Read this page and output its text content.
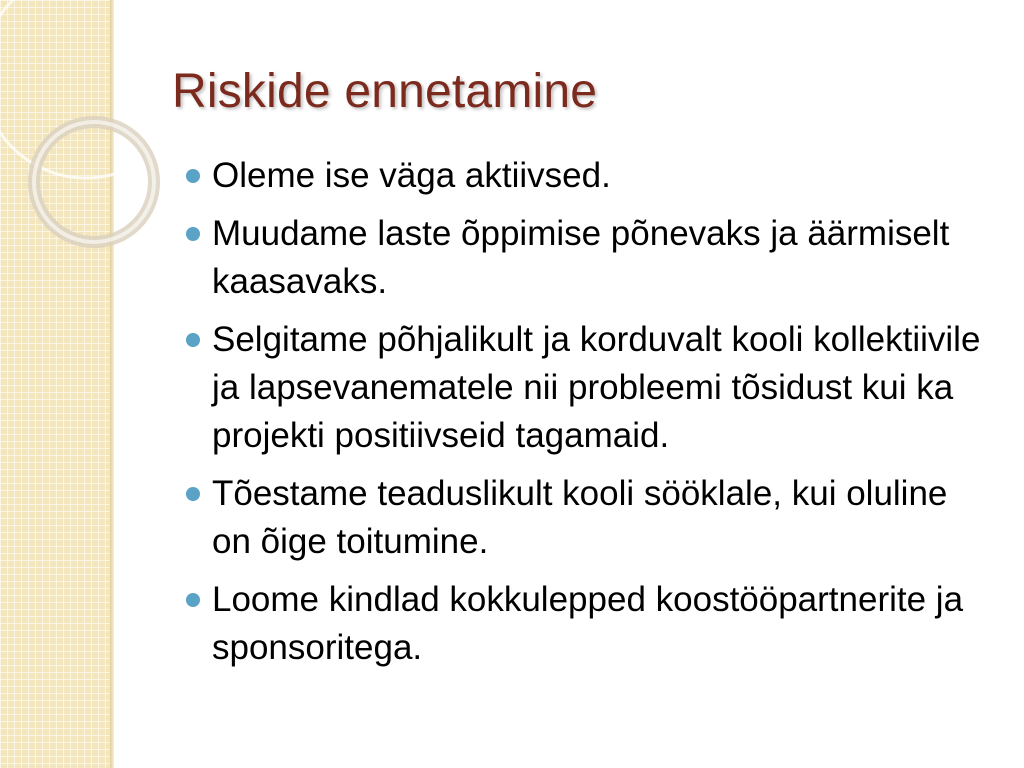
Riskide ennetamine
Oleme ise väga aktiivsed.
Muudame laste õppimise põnevaks ja äärmiselt kaasavaks.
Selgitame põhjalikult ja korduvalt kooli kollektiivile ja lapsevanematele nii probleemi tõsidust kui ka projekti positiivseid tagamaid.
Tõestame teaduslikult kooli sööklale, kui oluline on õige toitumine.
Loome kindlad kokkulepped koostööpartnerite ja sponsoritega.
